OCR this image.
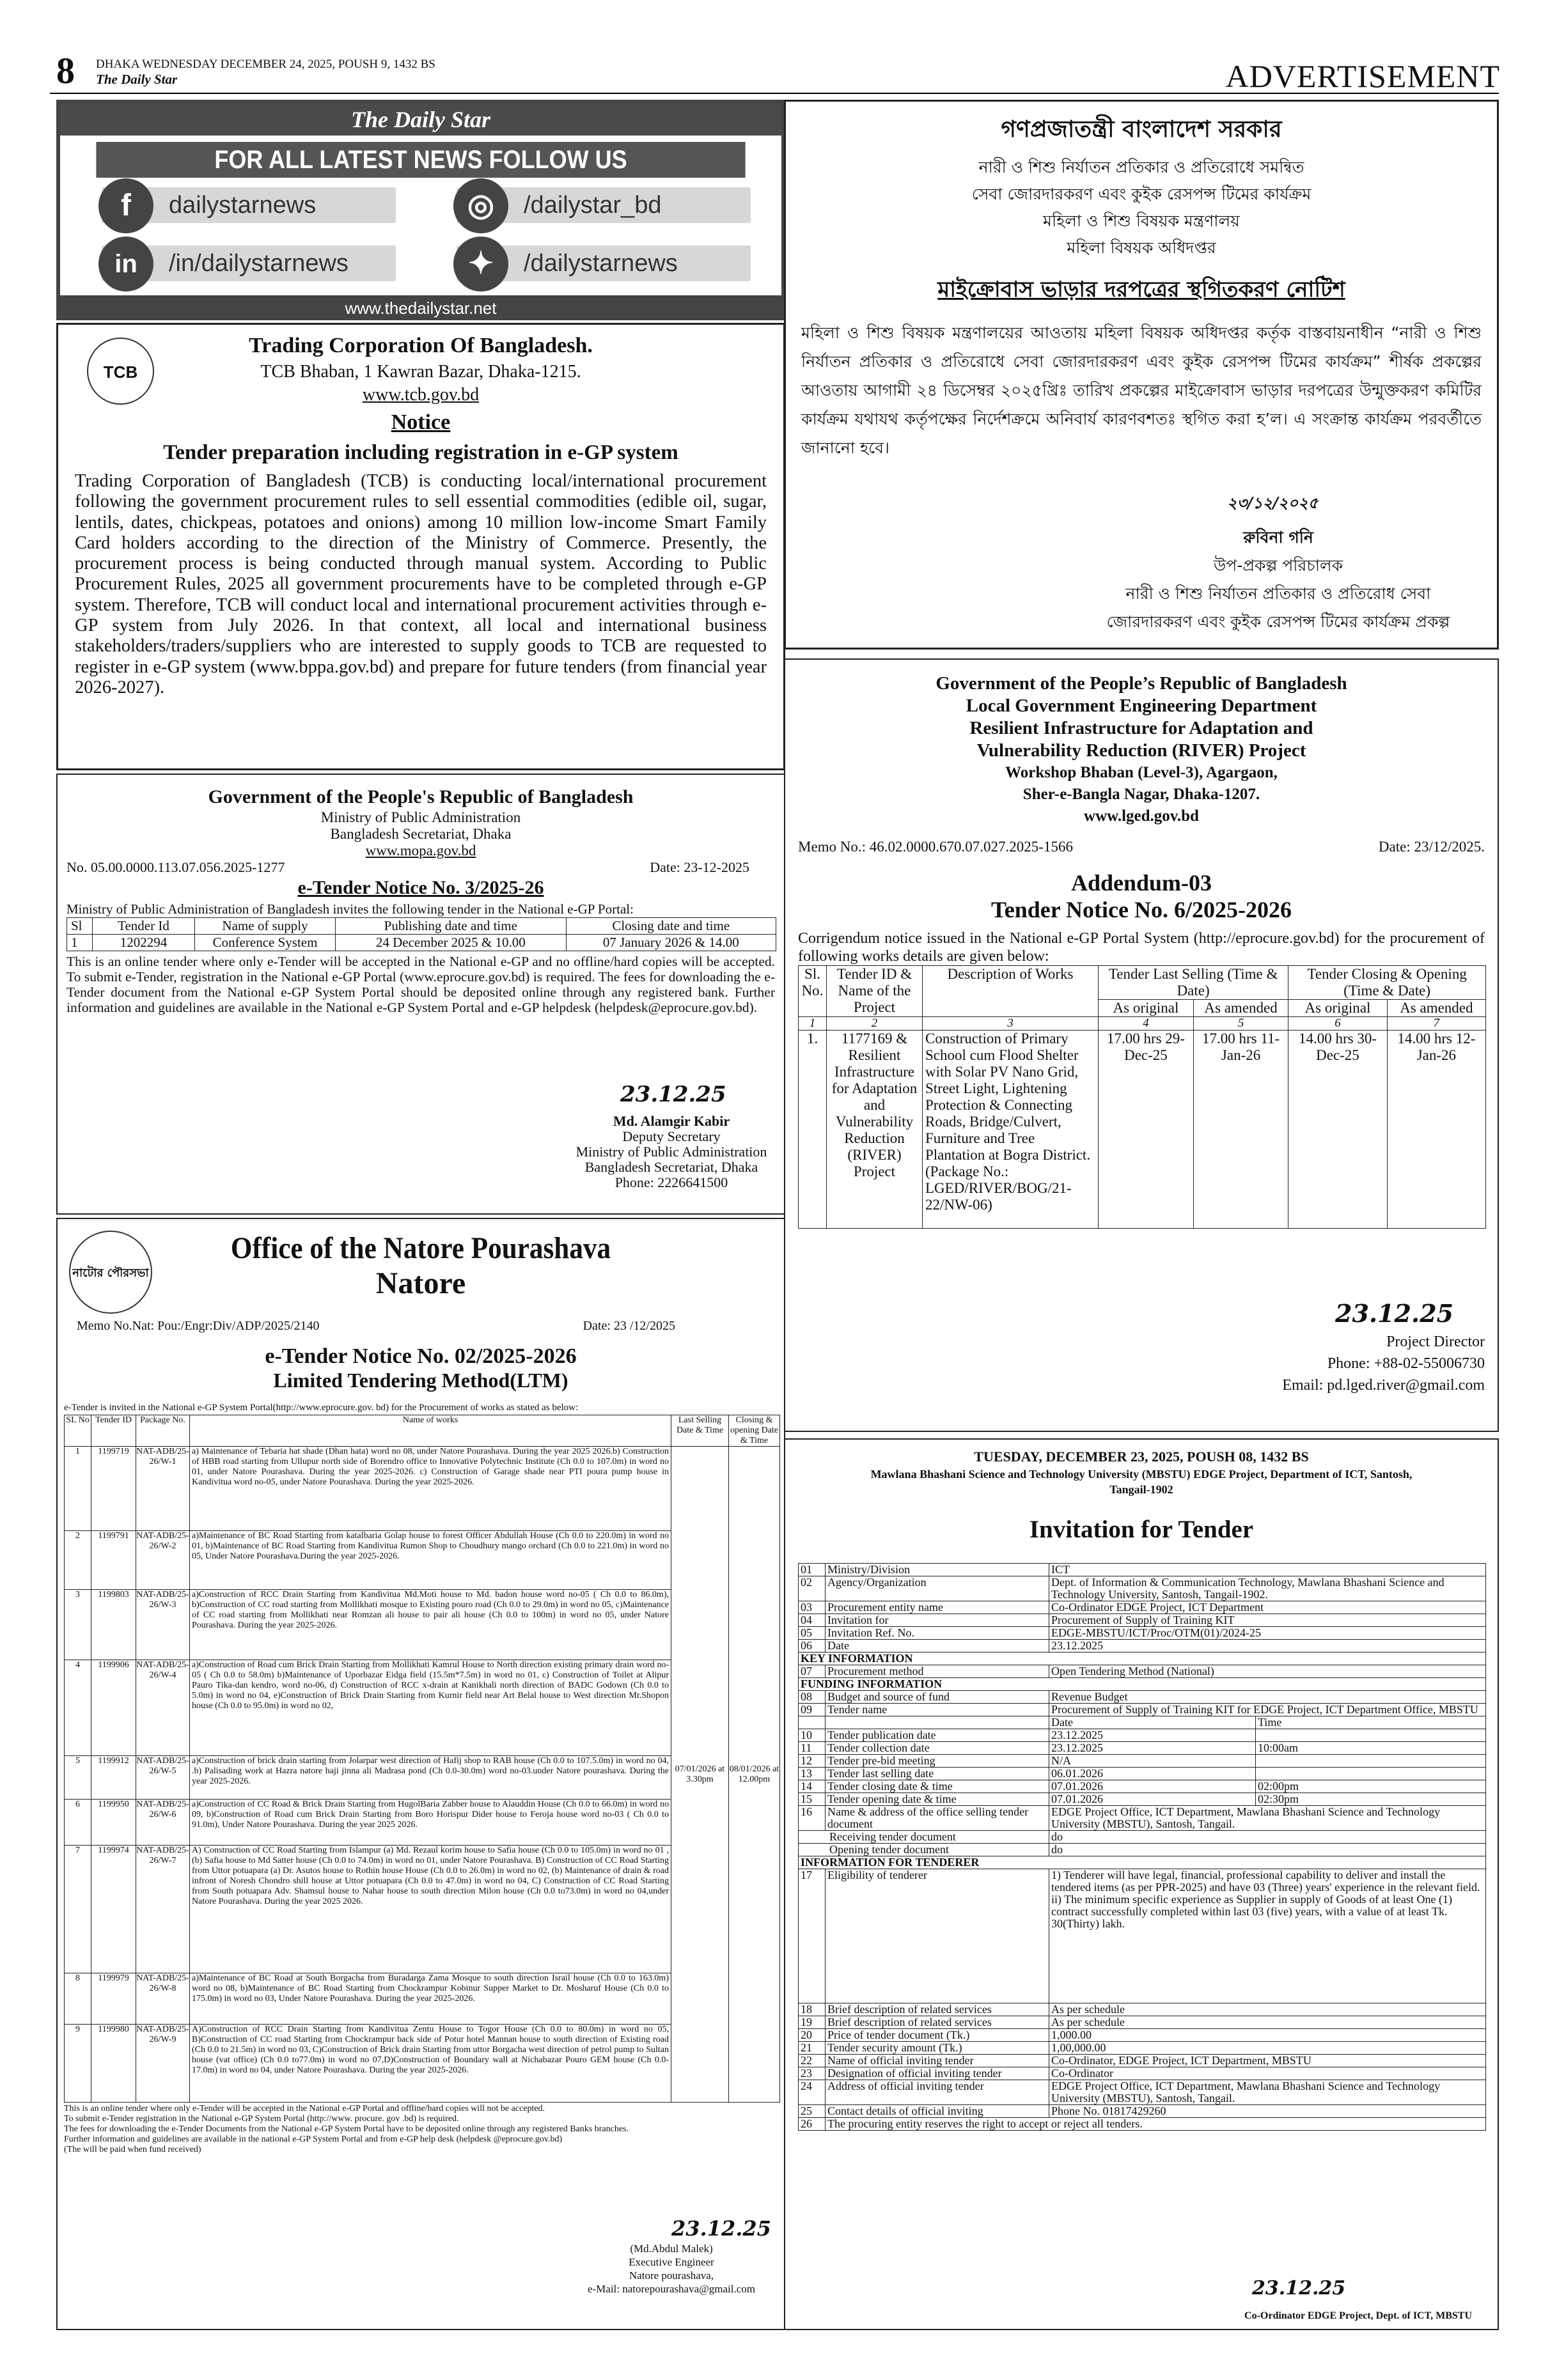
8 DHAKA WEDNESDAY DECEMBER 24, 2025, POUSH 9, 1432 BS
The Daily Star	ADVERTISEMENT
The Daily Star
FOR ALL LATEST NEWS FOLLOW US
f	dailystarnews	◎	/dailystar_bd
in	/in/dailystarnews	✦	/dailystarnews
www.thedailystar.net
TCB
Trading Corporation Of Bangladesh.
TCB Bhaban, 1 Kawran Bazar, Dhaka-1215.
www.tcb.gov.bd
Notice
Tender preparation including registration in e-GP system
Trading Corporation of Bangladesh (TCB) is conducting local/international procurement following the government procurement rules to sell essential commodities (edible oil, sugar, lentils, dates, chickpeas, potatoes and onions) among 10 million low-income Smart Family Card holders according to the direction of the Ministry of Commerce. Presently, the procurement process is being conducted through manual system. According to Public Procurement Rules, 2025 all government procurements have to be completed through e-GP system. Therefore, TCB will conduct local and international procurement activities through e-GP system from July 2026. In that context, all local and international business stakeholders/traders/suppliers who are interested to supply goods to TCB are requested to register in e-GP system (www.bppa.gov.bd) and prepare for future tenders (from financial year 2026-2027).
Government of the People's Republic of Bangladesh
Ministry of Public Administration
Bangladesh Secretariat, Dhaka
www.mopa.gov.bd
No. 05.00.0000.113.07.056.2025-1277	Date: 23-12-2025
e-Tender Notice No. 3/2025-26
Ministry of Public Administration of Bangladesh invites the following tender in the National e-GP Portal:
Sl	Tender Id	Name of supply	Publishing date and time	Closing date and time
1	1202294	Conference System	24 December 2025 & 10.00	07 January 2026 & 14.00
This is an online tender where only e-Tender will be accepted in the National e-GP and no offline/hard copies will be accepted. To submit e-Tender, registration in the National e-GP Portal (www.eprocure.gov.bd) is required. The fees for downloading the e-Tender document from the National e-GP System Portal should be deposited online through any registered bank. Further information and guidelines are available in the National e-GP System Portal and e-GP helpdesk (helpdesk@eprocure.gov.bd).
23.12.25
Md. Alamgir Kabir
Deputy Secretary
Ministry of Public Administration
Bangladesh Secretariat, Dhaka
Phone: 2226641500
নাটোর পৌরসভা
Office of the Natore Pourashava
Natore
Memo No.Nat: Pou:/Engr:Div/ADP/2025/2140	Date: 23 /12/2025
e-Tender Notice No. 02/2025-2026
Limited Tendering Method(LTM)
e-Tender is invited in the National e-GP System Portal(http://www.eprocure.gov. bd) for the Procurement of works as stated as below:
SL No	Tender ID	Package No.	Name of works	Last Selling Date & Time	Closing & opening Date & Time
1	1199719	NAT-ADB/25-26/W-1	a) Maintenance of Tebaria hat shade (Dhan hata) word no 08, under Natore Pourashava. During the year 2025 2026.b) Construction of HBB road starting from Ullupur north side of Borendro office to Innovative Polytechnic Institute (Ch 0.0 to 107.0m) in word no 01, under Natore Pourashava. During the year 2025-2026. c) Construction of Garage shade near PTI poura pump house in Kandivitua word no-05, under Natore Pourashava. During the year 2025-2026.	07/01/2026 at 3.30pm	08/01/2026 at 12.00pm
2	1199791	NAT-ADB/25-26/W-2	a)Maintenance of BC Road Starting from katalbaria Golap house to forest Officer Abdullah House (Ch 0.0 to 220.0m) in word no 01, b)Maintenance of BC Road Starting from Kandivitua Rumon Shop to Choudhury mango orchard (Ch 0.0 to 221.0m) in word no 05, Under Natore Pourashava.During the year 2025-2026.		
3	1199803	NAT-ADB/25-26/W-3	a)Construction of RCC Drain Starting from Kandivitua Md.Moti house to Md. badon house word no-05 ( Ch 0.0 to 86.0m), b)Construction of CC road starting from Mollikhati mosque to Existing pouro road (Ch 0.0 to 29.0m) in word no 05, c)Maintenance of CC road starting from Mollikhati near Romzan ali house to pair ali house (Ch 0.0 to 100m) in word no 05, under Natore Pourashava. During the year 2025-2026.		
4	1199906	NAT-ADB/25-26/W-4	a)Construction of Road cum Brick Drain Starting from Mollikhati Kamrul House to North direction existing primary drain word no-05 ( Ch 0.0 to 58.0m) b)Maintenance of Uporbazar Eidga field (15.5m*7.5m) in word no 01, c) Construction of Toilet at Alipur Pauro Tika-dan kendro, word no-06, d) Construction of RCC x-drain at Kanikhali north direction of BADC Godown (Ch 0.0 to 5.0m) in word no 04, e)Construction of Brick Drain Starting from Kurnir field near Art Belal house to West direction Mr.Shopon house (Ch 0.0 to 95.0m) in word no 02,		
5	1199912	NAT-ADB/25-26/W-5	a)Construction of brick drain starting from Jolarpar west direction of Hafij shop to RAB house (Ch 0.0 to 107.5.0m) in word no 04, .b) Palisading work at Hazra natore haji jinna ali Madrasa pond (Ch 0.0-30.0m) word no-03.under Natore pourashava. During the year 2025-2026.		
6	1199950	NAT-ADB/25-26/W-6	a)Construction of CC Road & Brick Drain Starting from HugolBaria Zabber house to Alauddin House (Ch 0.0 to 66.0m) in word no 09, b)Construction of Road cum Brick Drain Starting from Boro Horispur Dider house to Feroja house word no-03 ( Ch 0.0 to 91.0m), Under Natore Pourashava. During the year 2025 2026.		
7	1199974	NAT-ADB/25-26/W-7	A) Construction of CC Road Starting from Islampur (a) Md. Rezaul korim house to Safia house (Ch 0.0 to 105.0m) in word no 01 , (b) Safia house to Md Satter house (Ch 0.0 to 74.0m) in word no 01, under Natore Pourashava. B) Construction of CC Road Starting from Uttor potuapara (a) Dr. Asutos house to Rothin house House (Ch 0.0 to 26.0m) in word no 02, (b) Maintenance of drain & road infront of Noresh Chondro shill house at Uttor potuapara (Ch 0.0 to 47.0m) in word no 04, C) Construction of CC Road Starting from South potuapara Adv. Shamsul house to Nahar house to south direction Milon house (Ch 0.0 to73.0m) in word no 04,under Natore Pourashava. During the year 2025 2026.		
8	1199979	NAT-ADB/25-26/W-8	a)Maintenance of BC Road at South Borgacha from Buradarga Zama Mosque to south direction Israil house (Ch 0.0 to 163.0m) word no 08, b)Maintenance of BC Road Starting from Chockrampur Kobinur Supper Market to Dr. Mosharuf House (Ch 0.0 to 175.0m) in word no 03, Under Natore Pourashava. During the year 2025-2026.		
9	1199980	NAT-ADB/25-26/W-9	A)Construction of RCC Drain Starting from Kandivitua Zentu House to Togor House (Ch 0.0 to 80.0m) in word no 05, B)Construction of CC road Starting from Chockrampur back side of Potur hotel Mannan house to south direction of Existing road (Ch 0.0 to 21.5m) in word no 03, C)Construction of Brick drain Starting from uttor Borgacha west direction of petrol pump to Sultan house (vat office) (Ch 0.0 to77.0m) in word no 07,D)Construction of Boundary wall at Nichabazar Pouro GEM house (Ch 0.0-17.0m) in word no 04, under Natore Pourashava. During the year 2025-2026.		
This is an online tender where only e-Tender will be accepted in the National e-GP Portal and offline/hard copies will not be accepted.
To submit e-Tender registration in the National e-GP System Portal (http://www. procure. gov .bd) is required.
The fees for downloading the e-Tender Documents from the National e-GP System Portal have to be deposited online through any registered Banks branches.
Further information and guidelines are available in the national e-GP System Portal and from e-GP help desk (helpdesk @eprocure.gov.bd) (The will be paid when fund received)
23.12.25
(Md.Abdul Malek)
Executive Engineer
Natore pourashava,
e-Mail: natorepourashava@gmail.com
গণপ্রজাতন্ত্রী বাংলাদেশ সরকার
নারী ও শিশু নির্যাতন প্রতিকার ও প্রতিরোধে সমন্বিত
সেবা জোরদারকরণ এবং কুইক রেসপন্স টিমের কার্যক্রম
মহিলা ও শিশু বিষয়ক মন্ত্রণালয়
মহিলা বিষয়ক অধিদপ্তর
মাইক্রোবাস ভাড়ার দরপত্রের স্থগিতকরণ নোটিশ
মহিলা ও শিশু বিষয়ক মন্ত্রণালয়ের আওতায় মহিলা বিষয়ক অধিদপ্তর কর্তৃক বাস্তবায়নাধীন “নারী ও শিশু নির্যাতন প্রতিকার ও প্রতিরোধে সেবা জোরদারকরণ এবং কুইক রেসপন্স টিমের কার্যক্রম” শীর্ষক প্রকল্পের আওতায় আগামী ২৪ ডিসেম্বর ২০২৫খ্রিঃ তারিখ প্রকল্পের মাইক্রোবাস ভাড়ার দরপত্রের উন্মুক্তকরণ কমিটির কার্যক্রম যথাযথ কর্তৃপক্ষের নির্দেশক্রমে অনিবার্য কারণবশতঃ স্থগিত করা হ’ল। এ সংক্রান্ত কার্যক্রম পরবর্তীতে জানানো হবে।
২৩/১২/২০২৫
রুবিনা গনি
উপ-প্রকল্প পরিচালক
নারী ও শিশু নির্যাতন প্রতিকার ও প্রতিরোধ সেবা
জোরদারকরণ এবং কুইক রেসপন্স টিমের কার্যক্রম প্রকল্প
Government of the People’s Republic of Bangladesh
Local Government Engineering Department
Resilient Infrastructure for Adaptation and
Vulnerability Reduction (RIVER) Project
Workshop Bhaban (Level-3), Agargaon,
Sher-e-Bangla Nagar, Dhaka-1207.
www.lged.gov.bd
Memo No.: 46.02.0000.670.07.027.2025-1566	Date: 23/12/2025.
Addendum-03
Tender Notice No. 6/2025-2026
Corrigendum notice issued in the National e-GP Portal System (http://eprocure.gov.bd) for the procurement of following works details are given below:
Sl. No.	Tender ID & Name of the Project	Description of Works	Tender Last Selling (Time & Date)		Tender Closing & Opening (Time & Date)	
			As original	As amended	As original	As amended
1	2	3	4	5	6	7
1.	1177169 & Resilient Infrastructure for Adaptation and Vulnerability Reduction (RIVER) Project	Construction of Primary School cum Flood Shelter with Solar PV Nano Grid, Street Light, Lightening Protection & Connecting Roads, Bridge/Culvert, Furniture and Tree Plantation at Bogra District. (Package No.: LGED/RIVER/BOG/21-22/NW-06)	17.00 hrs 29-Dec-25	17.00 hrs 11-Jan-26	14.00 hrs 30-Dec-25	14.00 hrs 12-Jan-26
23.12.25
Project Director
Phone: +88-02-55006730
Email: pd.lged.river@gmail.com
TUESDAY, DECEMBER 23, 2025, POUSH 08, 1432 BS
Mawlana Bhashani Science and Technology University (MBSTU) EDGE Project, Department of ICT, Santosh,
Tangail-1902
Invitation for Tender
01	Ministry/Division	ICT	
02	Agency/Organization	Dept. of Information & Communication Technology, Mawlana Bhashani Science and Technology University, Santosh, Tangail-1902.	
03	Procurement entity name	Co-Ordinator EDGE Project, ICT Department	
04	Invitation for	Procurement of Supply of Training KIT	
05	Invitation Ref. No.	EDGE-MBSTU/ICT/Proc/OTM(01)/2024-25	
06	Date	23.12.2025	
KEY INFORMATION			
07	Procurement method	Open Tendering Method (National)	
FUNDING INFORMATION			
08	Budget and source of fund	Revenue Budget	
09	Tender name	Procurement of Supply of Training KIT for EDGE Project, ICT Department Office, MBSTU	
		Date	Time
10	Tender publication date	23.12.2025	
11	Tender collection date	23.12.2025	10:00am
12	Tender pre-bid meeting	N/A	
13	Tender last selling date	06.01.2026	
14	Tender closing date & time	07.01.2026	02:00pm
15	Tender opening date & time	07.01.2026	02:30pm
16	Name & address of the office selling tender document	EDGE Project Office, ICT Department, Mawlana Bhashani Science and Technology University (MBSTU), Santosh, Tangail.	
Receiving tender document		do	
Opening tender document		do	
INFORMATION FOR TENDERER			
17	Eligibility of tenderer	1) Tenderer will have legal, financial, professional capability to deliver and install the tendered items (as per PPR-2025) and have 03 (Three) years' experience in the relevant field.
ii) The minimum specific experience as Supplier in supply of Goods of at least One (1) contract successfully completed within last 03 (five) years, with a value of at least Tk. 30(Thirty) lakh.	

18	Brief description of related services	As per schedule	
19	Brief description of related services	As per schedule	
20	Price of tender document (Tk.)	1,000.00	
21	Tender security amount (Tk.)	1,00,000.00	
22	Name of official inviting tender	Co-Ordinator, EDGE Project, ICT Department, MBSTU	
23	Designation of official inviting tender	Co-Ordinator	
24	Address of official inviting tender	EDGE Project Office, ICT Department, Mawlana Bhashani Science and Technology University (MBSTU), Santosh, Tangail.	
25	Contact details of official inviting	Phone No. 01817429260	
26	The procuring entity reserves the right to accept or reject all tenders.		
23.12.25
Co-Ordinator EDGE Project, Dept. of ICT, MBSTU
